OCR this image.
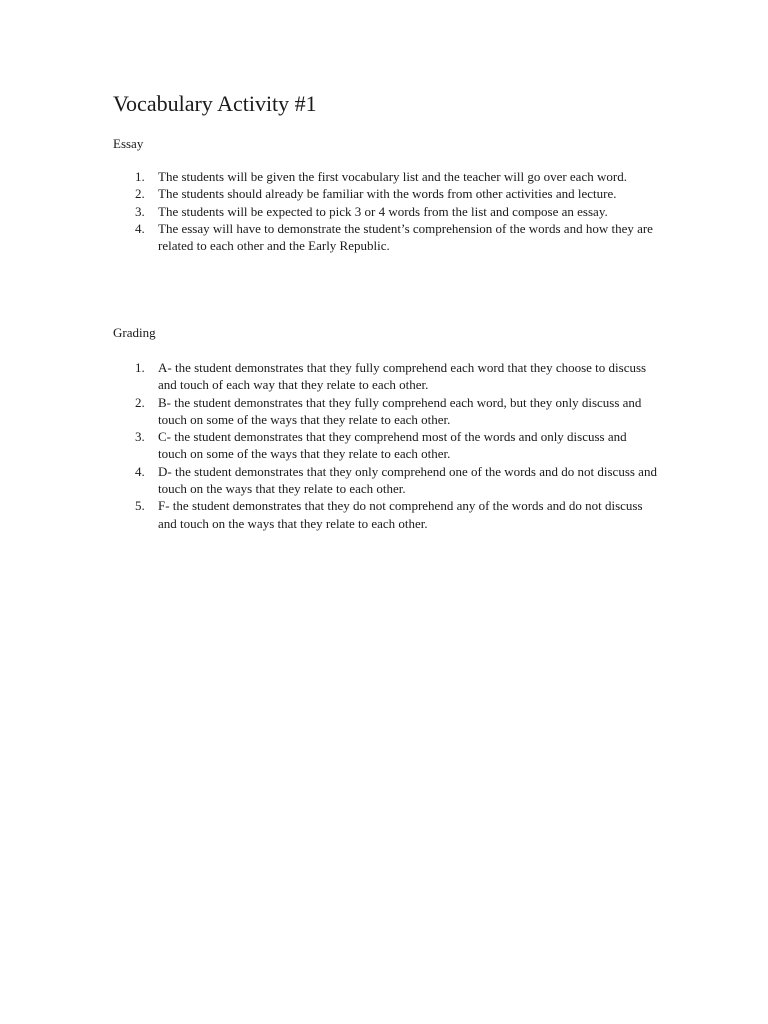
Vocabulary Activity #1
Essay
1. The students will be given the first vocabulary list and the teacher will go over each word.
2. The students should already be familiar with the words from other activities and lecture.
3. The students will be expected to pick 3 or 4 words from the list and compose an essay.
4. The essay will have to demonstrate the student’s comprehension of the words and how they are related to each other and the Early Republic.
Grading
1. A- the student demonstrates that they fully comprehend each word that they choose to discuss and touch of each way that they relate to each other.
2. B- the student demonstrates that they fully comprehend each word, but they only discuss and touch on some of the ways that they relate to each other.
3. C- the student demonstrates that they comprehend most of the words and only discuss and touch on some of the ways that they relate to each other.
4. D- the student demonstrates that they only comprehend one of the words and do not discuss and touch on the ways that they relate to each other.
5. F- the student demonstrates that they do not comprehend any of the words and do not discuss and touch on the ways that they relate to each other.
